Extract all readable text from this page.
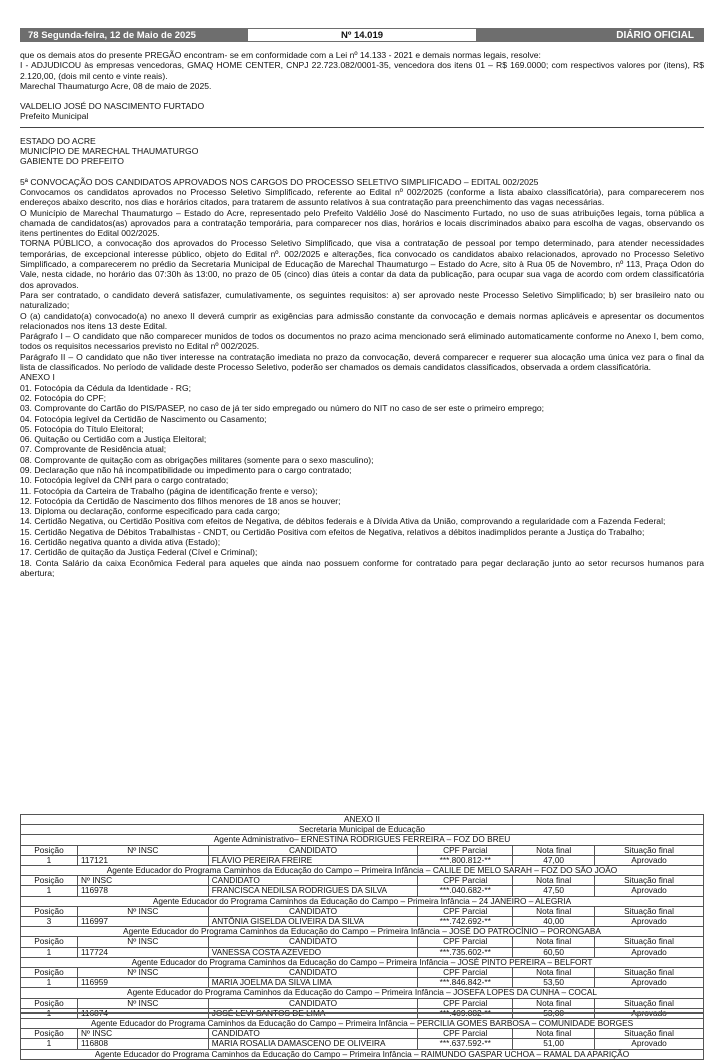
78 Segunda-feira, 12 de Maio de 2025	Nº 14.019	DIÁRIO OFICIAL

que os demais atos do presente PREGÃO encontram- se em conformidade com a Lei nº 14.133 - 2021 e demais normas legais, resolve:

I - ADJUDICOU às empresas vencedoras, GMAQ HOME CENTER, CNPJ 22.723.082/0001-35, vencedora dos itens 01 – R$ 169.0000; com respectivos valores por (itens), R$ 2.120,00, (dois mil cento e vinte reais).

Marechal Thaumaturgo Acre, 08 de maio de 2025.

VALDELIO JOSÉ DO NASCIMENTO FURTADO

Prefeito Municipal

ESTADO DO ACRE

MUNICÍPIO DE MARECHAL THAUMATURGO

GABIENTE DO PREFEITO

5ª CONVOCAÇÃO DOS CANDIDATOS APROVADOS NOS CARGOS DO PROCESSO SELETIVO SIMPLIFICADO – EDITAL 002/2025

Convocamos os candidatos aprovados no Processo Seletivo Simplificado, referente ao Edital nº 002/2025 (conforme a lista abaixo classificatória), para comparecerem nos endereços abaixo descrito, nos dias e horários citados, para tratarem de assunto relativos à sua contratação para preenchimento das vagas necessárias.

O Município de Marechal Thaumaturgo – Estado do Acre, representado pelo Prefeito Valdélio José do Nascimento Furtado, no uso de suas atribuições legais, torna pública a chamada de candidatos(as) aprovados para a contratação temporária, para comparecer nos dias, horários e locais discriminados abaixo para escolha de vagas, observando os itens pertinentes do Edital 002/2025.

TORNA PÚBLICO, a convocação dos aprovados do Processo Seletivo Simplificado, que visa a contratação de pessoal por tempo determinado, para atender necessidades temporárias, de excepcional interesse público, objeto do Edital nº. 002/2025 e alterações, fica convocado os candidatos abaixo relacionados, aprovado no Processo Seletivo Simplificado, a comparecerem no prédio da Secretaria Municipal de Educação de Marechal Thaumaturgo – Estado do Acre, sito à Rua 05 de Novembro, nº 113, Praça Odon do Vale, nesta cidade, no horário das 07:30h às 13:00, no prazo de 05 (cinco) dias úteis a contar da data da publicação, para ocupar sua vaga de acordo com ordem classificatória dos aprovados.

Para ser contratado, o candidato deverá satisfazer, cumulativamente, os seguintes requisitos: a) ser aprovado neste Processo Seletivo Simplificado; b) ser brasileiro nato ou naturalizado;

O (a) candidato(a) convocado(a) no anexo II deverá cumprir as exigências para admissão constante da convocação e demais normas aplicáveis e apresentar os documentos relacionados nos itens 13 deste Edital.

Parágrafo I – O candidato que não comparecer munidos de todos os documentos no prazo acima mencionado será eliminado automaticamente conforme no Anexo I, bem como, todos os requisitos necessarios previsto no Edital nº 002/2025.

Parágrafo II – O candidato que não tiver interesse na contratação imediata no prazo da convocação, deverá comparecer e requerer sua alocação uma única vez para o final da lista de classificados. No período de validade deste Processo Seletivo, poderão ser chamados os demais candidatos classificados, observada a ordem classificatória.

ANEXO I

01. Fotocópia da Cédula da Identidade - RG;

02. Fotocópia do CPF;

03. Comprovante do Cartão do PIS/PASEP, no caso de já ter sido empregado ou número do NIT no caso de ser este o primeiro emprego;

04. Fotocópia legível da Certidão de Nascimento ou Casamento;

05. Fotocópia do Título Eleitoral;

06. Quitação ou Certidão com a Justiça Eleitoral;

07. Comprovante de Residência atual;

08. Comprovante de quitação com as obrigações militares (somente para o sexo masculino);

09. Declaração que não há incompatibilidade ou impedimento para o cargo contratado;

10. Fotocópia legível da CNH para o cargo contratado;

11. Fotocópia da Carteira de Trabalho (página de identificação frente e verso);

12. Fotocópia da Certidão de Nascimento dos filhos menores de 18 anos se houver;

13. Diploma ou declaração, conforme especificado para cada cargo;

14. Certidão Negativa, ou Certidão Positiva com efeitos de Negativa, de débitos federais e à Dívida Ativa da União, comprovando a regularidade com a Fazenda Federal;

15. Certidão Negativa de Débitos Trabalhistas - CNDT, ou Certidão Positiva com efeitos de Negativa, relativos a débitos inadimplidos perante a Justiça do Trabalho;

16. Certidão negativa quanto a divida ativa (Estado);

17. Certidão de quitação da Justiça Federal (Cível e Criminal);

18. Conta Salário da caixa Econômica Federal para aqueles que ainda nao possuem conforme for contratado para pegar declaração junto ao setor recursos humanos para abertura;

ANEXO II					
Secretaria Municipal de Educação					
Agente Administrativo– ERNESTINA RODRIGUES FERREIRA – FOZ DO BREU					
Posição	Nº INSC	CANDIDATO	CPF Parcial	Nota final	Situação final
1	117121	FLÁVIO PEREIRA FREIRE	***.800.812-**	47,00	Aprovado
Agente Educador do Programa Caminhos da Educação do Campo – Primeira Infância – CALILE DE MELO SARAH – FOZ DO SÃO JOÃO					
Posição	Nº INSC	CANDIDATO	CPF Parcial	Nota final	Situação final
1	116978	FRANCISCA NEDILSA RODRIGUES DA SILVA	***.040.682-**	47,50	Aprovado
Agente Educador do Programa Caminhos da Educação do Campo – Primeira Infância – 24 JANEIRO – ALEGRIA					
Posição	Nº INSC	CANDIDATO	CPF Parcial	Nota final	Situação final
3	116997	ANTÔNIA GISELDA OLIVEIRA DA SILVA	***.742.692-**	40,00	Aprovado
Agente Educador do Programa Caminhos da Educação do Campo – Primeira Infância – JOSÉ DO PATROCÍNIO – PORONGABA					
Posição	Nº INSC	CANDIDATO	CPF Parcial	Nota final	Situação final
1	117724	VANESSA COSTA AZEVEDO	***.735.602-**	60,50	Aprovado
Agente Educador do Programa Caminhos da Educação do Campo – Primeira Infância – JOSÉ PINTO PEREIRA – BELFORT					
Posição	Nº INSC	CANDIDATO	CPF Parcial	Nota final	Situação final
1	116959	MARIA JOELMA DA SILVA LIMA	***.846.842-**	53,50	Aprovado
Agente Educador do Programa Caminhos da Educação do Campo – Primeira Infância – JOSEFA LOPES DA CUNHA – COCAL					
Posição	Nº INSC	CANDIDATO	CPF Parcial	Nota final	Situação final
1	116874	JOSÉ LEVI SANTOS DE LIMA	***.409.082-**	53,00	Aprovado
Agente Educador do Programa Caminhos da Educação do Campo – Primeira Infância – PERCILIA GOMES BARBOSA – COMUNIDADE BORGES					
Posição	Nº INSC	CANDIDATO	CPF Parcial	Nota final	Situação final
1	116808	MARIA ROSALIA DAMASCENO DE OLIVEIRA	***.637.592-**	51,00	Aprovado
Agente Educador do Programa Caminhos da Educação do Campo – Primeira Infância – RAIMUNDO GASPAR UCHOA – RAMAL DA APARIÇÃO					
